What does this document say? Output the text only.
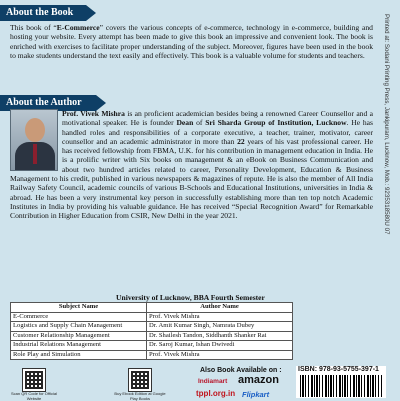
About the Book

This book of “E-Commerce” covers the various concepts of e-commerce, technology in e-commerce, building and hosting your website. Every attempt has been made to give this book an impressive and convenient look. The book is enriched with exercises to facilitate proper understanding of the subject. Moreover, figures have been used in the book to make students understand the text easily and effectively. This book is a valuable volume for students and teachers.

About the Author

Prof. Vivek Mishra is an proficient academician besides being a renowned Career Counsellor and a motivational speaker. He is founder Dean of Sri Sharda Group of Institution, Lucknow. He has handled roles and responsibilities of a corporate executive, a teacher, trainer, motivator, career counsellor and an academic administrator in more than 22 years of his vast professional career. He has received fellowship from FBMA, U.K. for his contribution in management education in India. He is a prolific writer with Six books on management & an eBook on Business Communication and about two hundred articles related to career, Personality Development, Education & Business Management to his credit, published in various newspapers & magazines of repute. He is also the member of All India Railway Safety Council, academic councils of various B-Schools and Educational Institutions, universities in India & abroad. He has been a very instrumental key person in successfully establishing more than ten top notch Academic Institutes in India by providing his valuable guidance. He has received “Special Recognition Award” for Remarkable Contribution in Higher Education from CSIR, New Delhi in the year 2021.	Printed at: Sodani Printing Press, Jankipuram, Lucknow, Mob.: 9235318580U 07
University of Lucknow, BBA Fourth Semester
Subject Name	Author Name
E-Commerce	Prof. Vivek Mishra
Logistics and Supply Chain Management	Dr. Amit Kumar Singh, Namrata Dubey
Customer Relationship Management	Dr. Shailesh Tandon, Siddhanth Shanker Rai
Industrial Relations Management	Dr. Saroj Kumar, Ishan Dwivedi
Role Play and Simulation	Prof. Vivek Mishra
Scan QR Code for Official Website
Buy Ebook Edition at Google Play Books
Also Book Available on :
Indiamart amazon
tppl.org.in Flipkart
ISBN: 978-93-5755-397-1
